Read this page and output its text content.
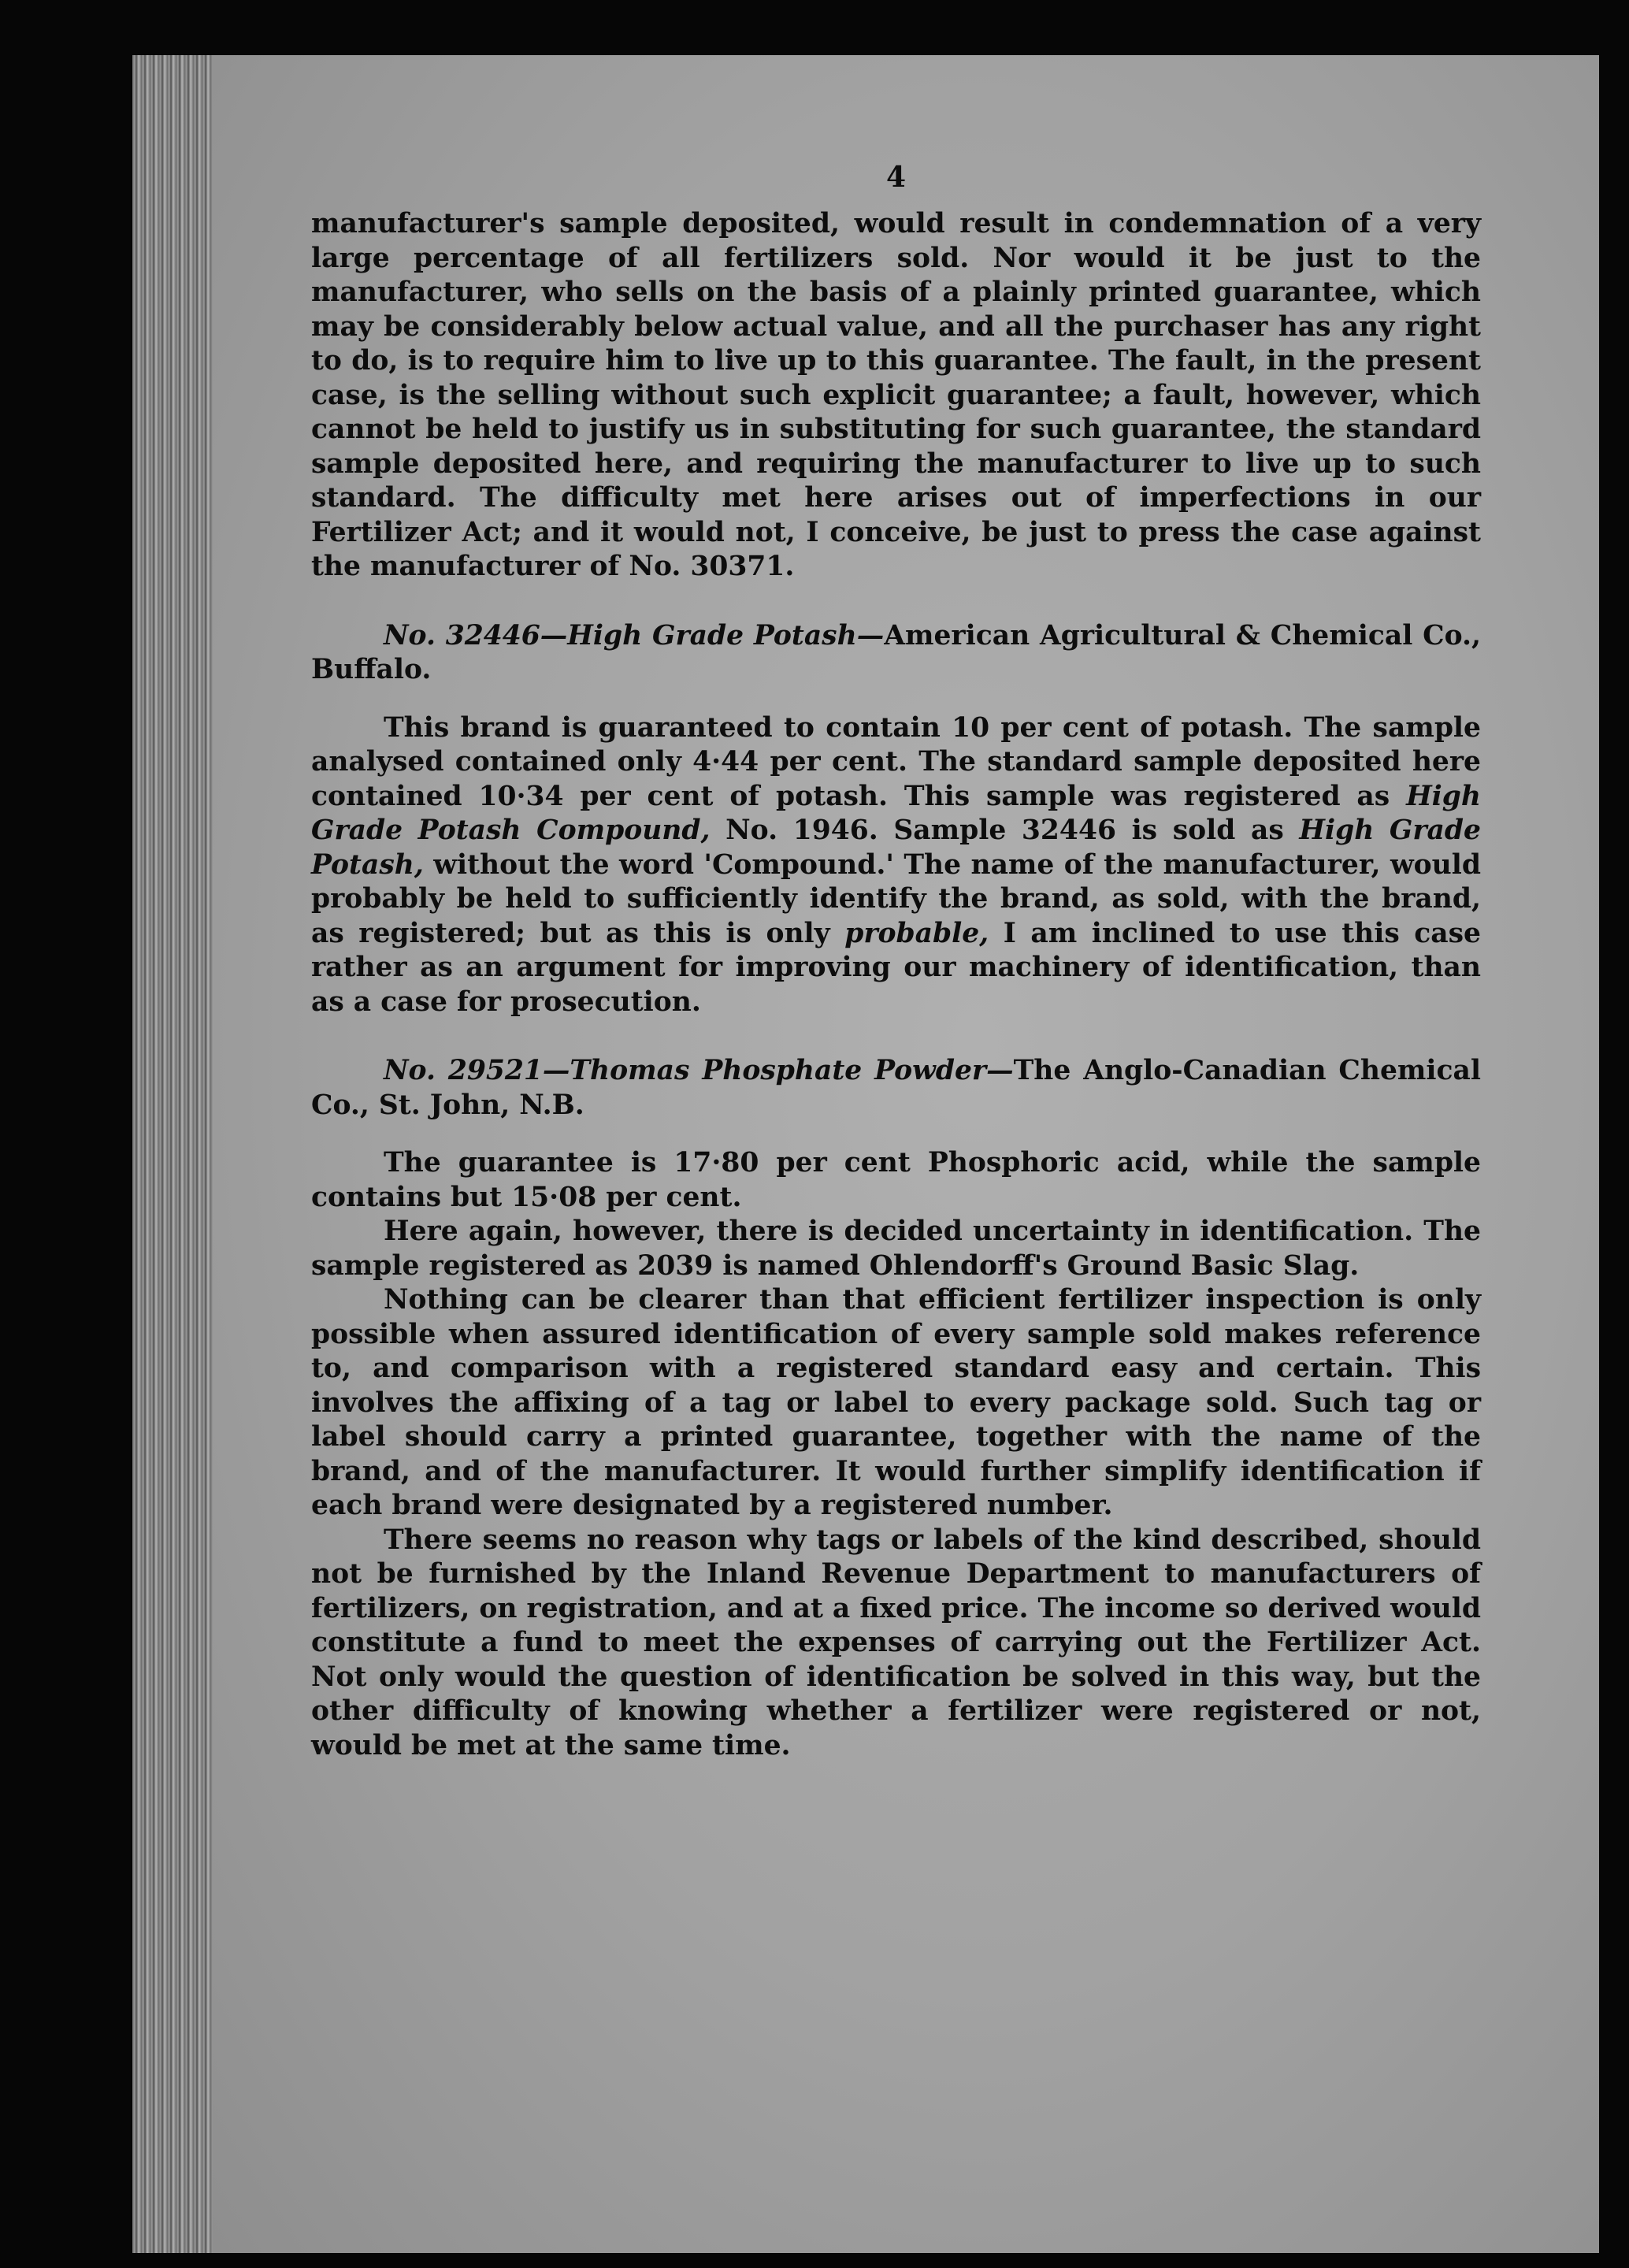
4

manufacturer's sample deposited, would result in condemnation of a very large percentage of all fertilizers sold. Nor would it be just to the manufacturer, who sells on the basis of a plainly printed guarantee, which may be considerably below actual value, and all the purchaser has any right to do, is to require him to live up to this guarantee. The fault, in the present case, is the selling without such explicit guarantee; a fault, however, which cannot be held to justify us in substituting for such guarantee, the standard sample deposited here, and requiring the manufacturer to live up to such standard. The difficulty met here arises out of imperfections in our Fertilizer Act; and it would not, I conceive, be just to press the case against the manufacturer of No. 30371.

No. 32446—High Grade Potash—American Agricultural & Chemical Co., Buffalo.

This brand is guaranteed to contain 10 per cent of potash. The sample analysed contained only 4·44 per cent. The standard sample deposited here contained 10·34 per cent of potash. This sample was registered as High Grade Potash Compound, No. 1946. Sample 32446 is sold as High Grade Potash, without the word 'Compound.' The name of the manufacturer, would probably be held to sufficiently identify the brand, as sold, with the brand, as registered; but as this is only probable, I am inclined to use this case rather as an argument for improving our machinery of identification, than as a case for prosecution.

No. 29521—Thomas Phosphate Powder—The Anglo-Canadian Chemical Co., St. John, N.B.

The guarantee is 17·80 per cent Phosphoric acid, while the sample contains but 15·08 per cent.

Here again, however, there is decided uncertainty in identification. The sample registered as 2039 is named Ohlendorff's Ground Basic Slag.

Nothing can be clearer than that efficient fertilizer inspection is only possible when assured identification of every sample sold makes reference to, and comparison with a registered standard easy and certain. This involves the affixing of a tag or label to every package sold. Such tag or label should carry a printed guarantee, together with the name of the brand, and of the manufacturer. It would further simplify identification if each brand were designated by a registered number.

There seems no reason why tags or labels of the kind described, should not be furnished by the Inland Revenue Department to manufacturers of fertilizers, on registration, and at a fixed price. The income so derived would constitute a fund to meet the expenses of carrying out the Fertilizer Act. Not only would the question of identification be solved in this way, but the other difficulty of knowing whether a fertilizer were registered or not, would be met at the same time.
